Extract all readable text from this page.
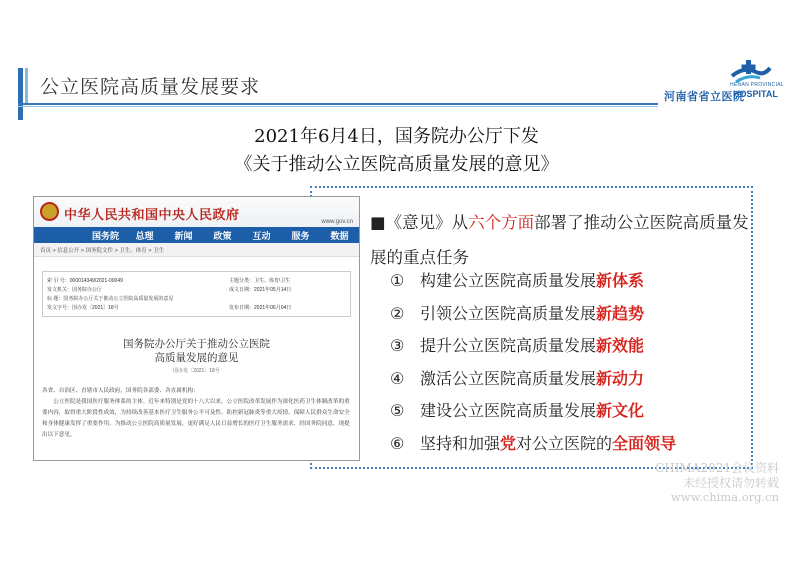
公立医院高质量发展要求	河南省省立医院
HENAN PROVINCIAL
HOSPITAL
2021年6月4日，国务院办公厅下发
《关于推动公立医院高质量发展的意见》
中华人民共和国中央人民政府	www.gov.cn
国务院	总理	新闻	政策	互动	服务	数据
首页 > 信息公开 > 国务院文件 > 卫生、体育 > 卫生
索 引 号：000014349/2021-00049	主题分类：卫生、体育\卫生
发文机关：国务院办公厅	成文日期：2021年05月14日
标 题：国务院办公厅关于推动公立医院高质量发展的意见
发文字号：国办发〔2021〕18号	发布日期：2021年06月04日
国务院办公厅关于推动公立医院
高质量发展的意见
国办发〔2021〕18号
各省、自治区、直辖市人民政府，国务院各部委、各直属机构：
公立医院是我国医疗服务体系的主体。近年来特别是党的十八大以来，公立医院改革发展作为深化医药卫生体制改革的重要内容，取得重大阶段性成效，为持续改善基本医疗卫生服务公平可及性、防控新冠肺炎等重大疫情、保障人民群众生命安全和身体健康发挥了重要作用。为推动公立医院高质量发展，更好满足人民日益增长的医疗卫生服务需求，经国务院同意，现提出以下意见。
■《意见》从六个方面部署了推动公立医院高质量发展的重点任务
① 构建公立医院高质量发展新体系
② 引领公立医院高质量发展新趋势
③ 提升公立医院高质量发展新效能
④ 激活公立医院高质量发展新动力
⑤ 建设公立医院高质量发展新文化
⑥ 坚持和加强党对公立医院的全面领导
CHIMA2021会议资料
未经授权请勿转载
www.chima.org.cn
